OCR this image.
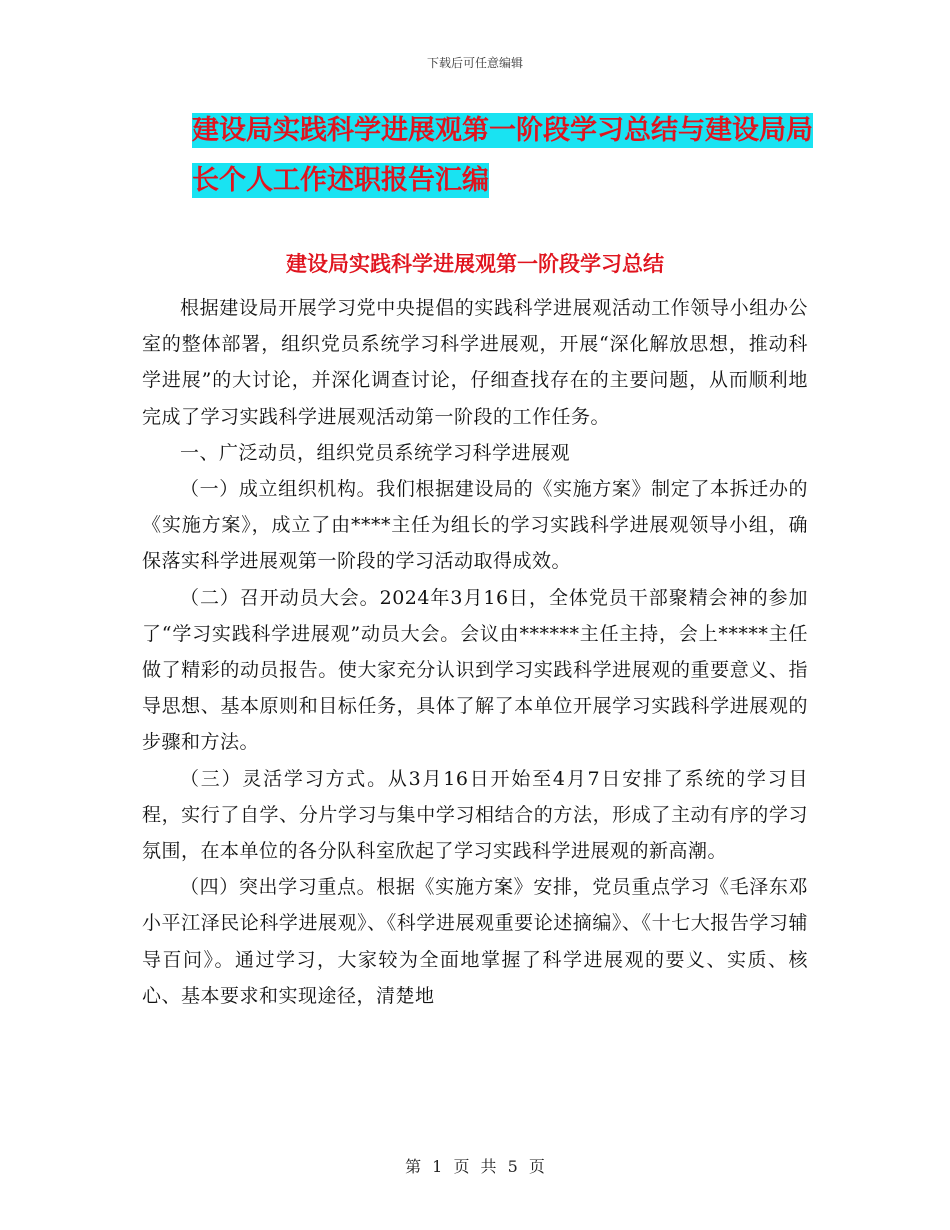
下载后可任意编辑
建设局实践科学进展观第一阶段学习总结与建设局局
长个人工作述职报告汇编
建设局实践科学进展观第一阶段学习总结

根据建设局开展学习党中央提倡的实践科学进展观活动工作领导小组办公室的整体部署，组织党员系统学习科学进展观，开展“深化解放思想，推动科学进展”的大讨论，并深化调查讨论，仔细查找存在的主要问题，从而顺利地完成了学习实践科学进展观活动第一阶段的工作任务。

一、广泛动员，组织党员系统学习科学进展观

（一）成立组织机构。我们根据建设局的《实施方案》制定了本拆迁办的《实施方案》，成立了由****主任为组长的学习实践科学进展观领导小组，确保落实科学进展观第一阶段的学习活动取得成效。

（二）召开动员大会。2024年3月16日，全体党员干部聚精会神的参加了“学习实践科学进展观”动员大会。会议由******主任主持，会上*****主任做了精彩的动员报告。使大家充分认识到学习实践科学进展观的重要意义、指导思想、基本原则和目标任务，具体了解了本单位开展学习实践科学进展观的步骤和方法。

（三）灵活学习方式。从3月16日开始至4月7日安排了系统的学习目程，实行了自学、分片学习与集中学习相结合的方法，形成了主动有序的学习氛围，在本单位的各分队科室欣起了学习实践科学进展观的新高潮。

（四）突出学习重点。根据《实施方案》安排，党员重点学习《毛泽东邓小平江泽民论科学进展观》、《科学进展观重要论述摘编》、《十七大报告学习辅导百问》。通过学习，大家较为全面地掌握了科学进展观的要义、实质、核心、基本要求和实现途径，清楚地

第 1 页 共 5 页
